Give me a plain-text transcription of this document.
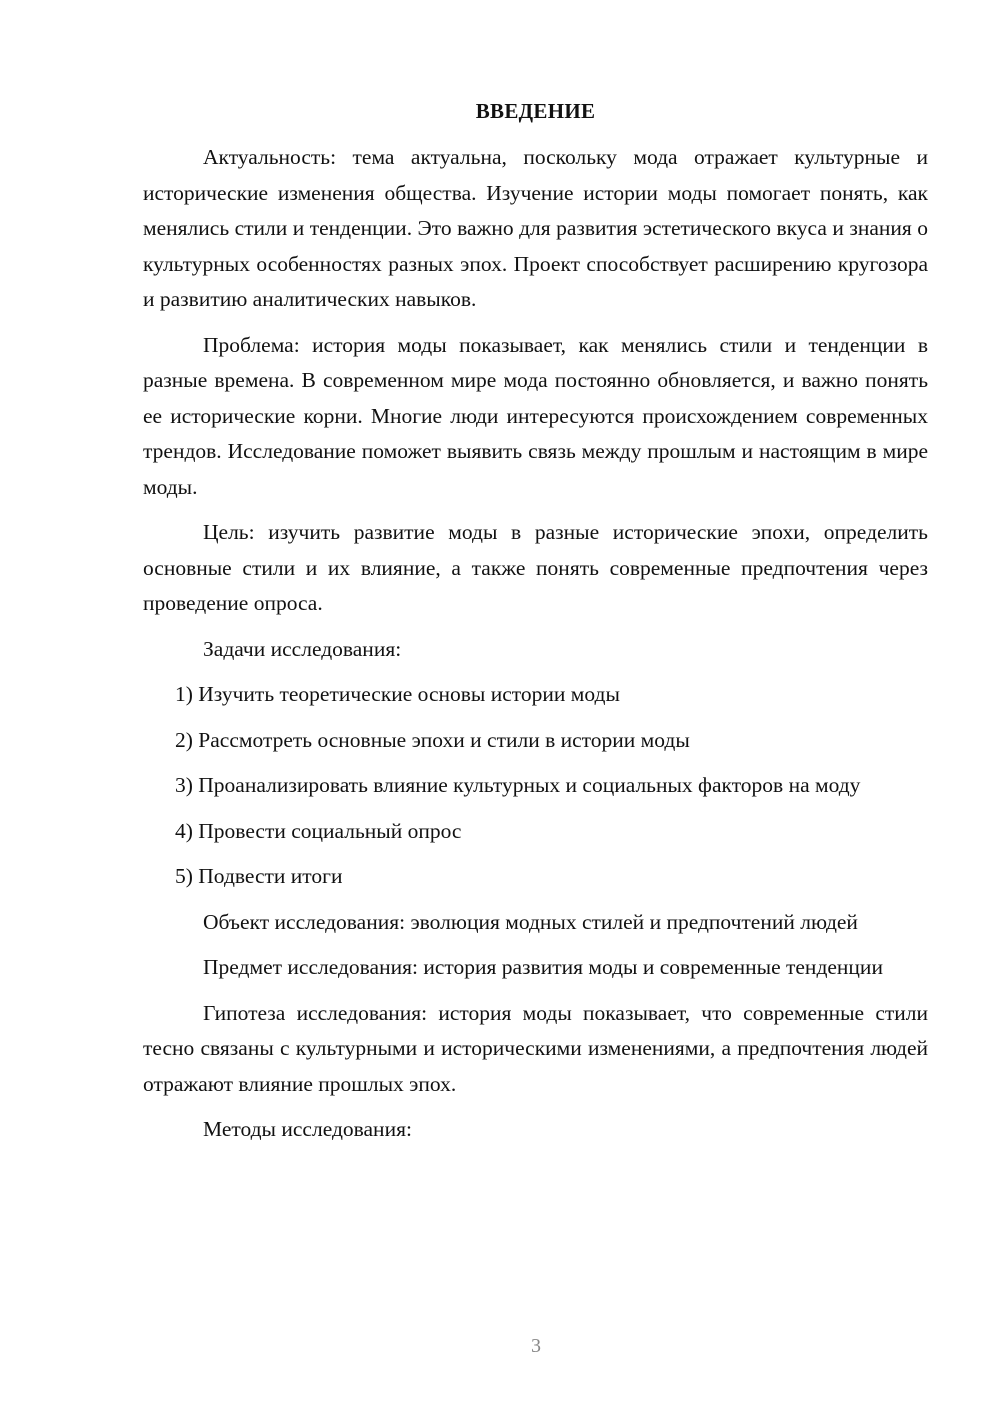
ВВЕДЕНИЕ

Актуальность: тема актуальна, поскольку мода отражает культурные и исторические изменения общества. Изучение истории моды помогает понять, как менялись стили и тенденции. Это важно для развития эстетического вкуса и знания о культурных особенностях разных эпох. Проект способствует расширению кругозора и развитию аналитических навыков.

Проблема: история моды показывает, как менялись стили и тенденции в разные времена. В современном мире мода постоянно обновляется, и важно понять ее исторические корни. Многие люди интересуются происхождением современных трендов. Исследование поможет выявить связь между прошлым и настоящим в мире моды.

Цель: изучить развитие моды в разные исторические эпохи, определить основные стили и их влияние, а также понять современные предпочтения через проведение опроса.

Задачи исследования:

1) Изучить теоретические основы истории моды

2) Рассмотреть основные эпохи и стили в истории моды

3) Проанализировать влияние культурных и социальных факторов на моду

4) Провести социальный опрос

5) Подвести итоги

Объект исследования: эволюция модных стилей и предпочтений людей

Предмет исследования: история развития моды и современные тенденции

Гипотеза исследования: история моды показывает, что современные стили тесно связаны с культурными и историческими изменениями, а предпочтения людей отражают влияние прошлых эпох.

Методы исследования:

3
